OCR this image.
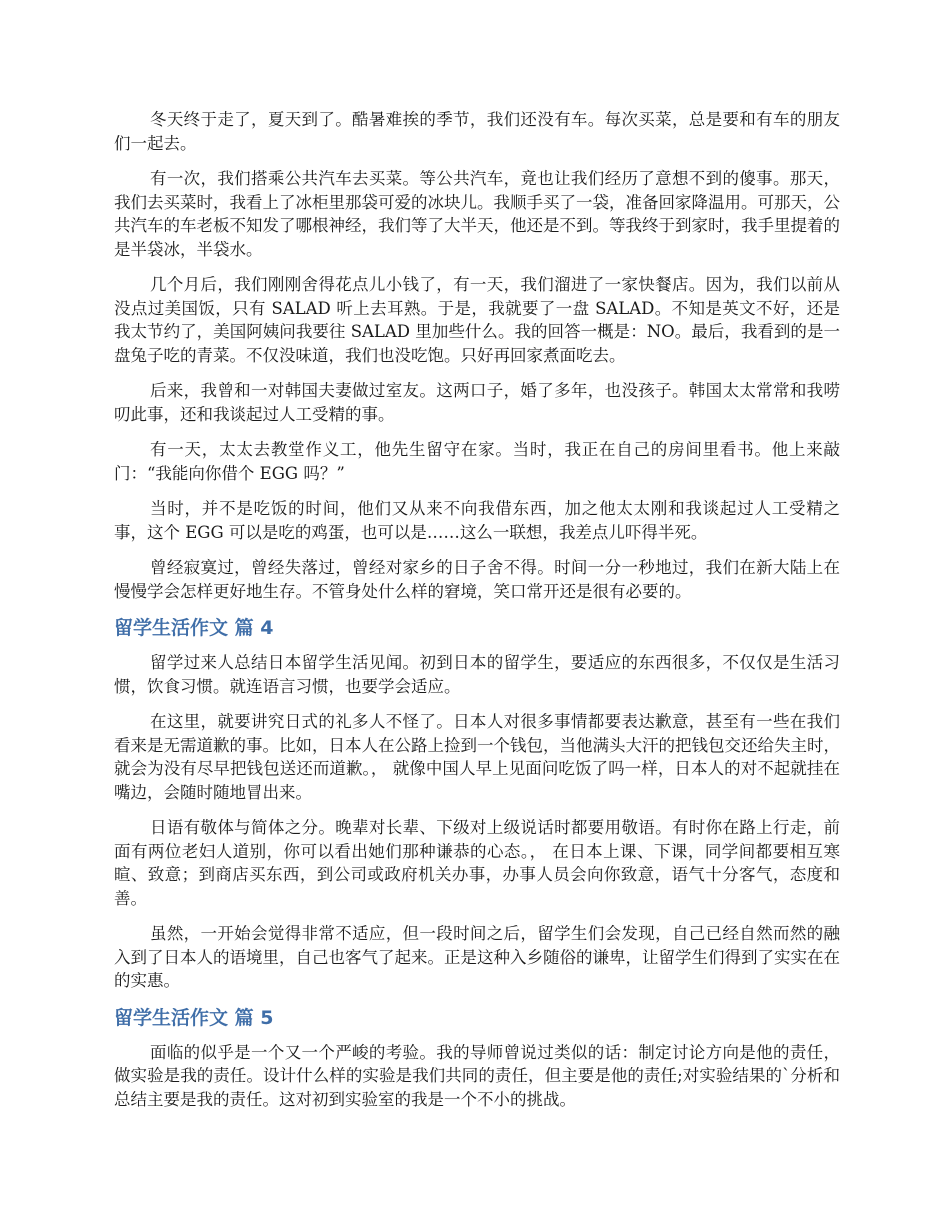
冬天终于走了，夏天到了。酷暑难挨的季节，我们还没有车。每次买菜，总是要和有车的朋友们一起去。

有一次，我们搭乘公共汽车去买菜。等公共汽车，竟也让我们经历了意想不到的傻事。那天，我们去买菜时，我看上了冰柜里那袋可爱的冰块儿。我顺手买了一袋，准备回家降温用。可那天，公共汽车的车老板不知发了哪根神经，我们等了大半天，他还是不到。等我终于到家时，我手里提着的是半袋冰，半袋水。

几个月后，我们刚刚舍得花点儿小钱了，有一天，我们溜进了一家快餐店。因为，我们以前从没点过美国饭，只有 SALAD 听上去耳熟。于是，我就要了一盘 SALAD。不知是英文不好，还是我太节约了，美国阿姨问我要往 SALAD 里加些什么。我的回答一概是：NO。最后，我看到的是一盘兔子吃的青菜。不仅没味道，我们也没吃饱。只好再回家煮面吃去。

后来，我曾和一对韩国夫妻做过室友。这两口子，婚了多年，也没孩子。韩国太太常常和我唠叨此事，还和我谈起过人工受精的事。

有一天，太太去教堂作义工，他先生留守在家。当时，我正在自己的房间里看书。他上来敲门：“我能向你借个 EGG 吗？”

当时，并不是吃饭的时间，他们又从来不向我借东西，加之他太太刚和我谈起过人工受精之事，这个 EGG 可以是吃的鸡蛋，也可以是……这么一联想，我差点儿吓得半死。

曾经寂寞过，曾经失落过，曾经对家乡的日子舍不得。时间一分一秒地过，我们在新大陆上在慢慢学会怎样更好地生存。不管身处什么样的窘境，笑口常开还是很有必要的。

留学生活作文 篇 4

留学过来人总结日本留学生活见闻。初到日本的留学生，要适应的东西很多，不仅仅是生活习惯，饮食习惯。就连语言习惯，也要学会适应。

在这里，就要讲究日式的礼多人不怪了。日本人对很多事情都要表达歉意，甚至有一些在我们看来是无需道歉的事。比如，日本人在公路上捡到一个钱包，当他满头大汗的把钱包交还给失主时，就会为没有尽早把钱包送还而道歉。， 就像中国人早上见面问吃饭了吗一样，日本人的对不起就挂在嘴边，会随时随地冒出来。

日语有敬体与简体之分。晚辈对长辈、下级对上级说话时都要用敬语。有时你在路上行走，前面有两位老妇人道别，你可以看出她们那种谦恭的心态。， 在日本上课、下课，同学间都要相互寒暄、致意；到商店买东西，到公司或政府机关办事，办事人员会向你致意，语气十分客气，态度和善。

虽然，一开始会觉得非常不适应，但一段时间之后，留学生们会发现，自己已经自然而然的融入到了日本人的语境里，自己也客气了起来。正是这种入乡随俗的谦卑，让留学生们得到了实实在在的实惠。

留学生活作文 篇 5

面临的似乎是一个又一个严峻的考验。我的导师曾说过类似的话：制定讨论方向是他的责任，做实验是我的责任。设计什么样的实验是我们共同的责任，但主要是他的责任;对实验结果的`分析和总结主要是我的责任。这对初到实验室的我是一个不小的挑战。
